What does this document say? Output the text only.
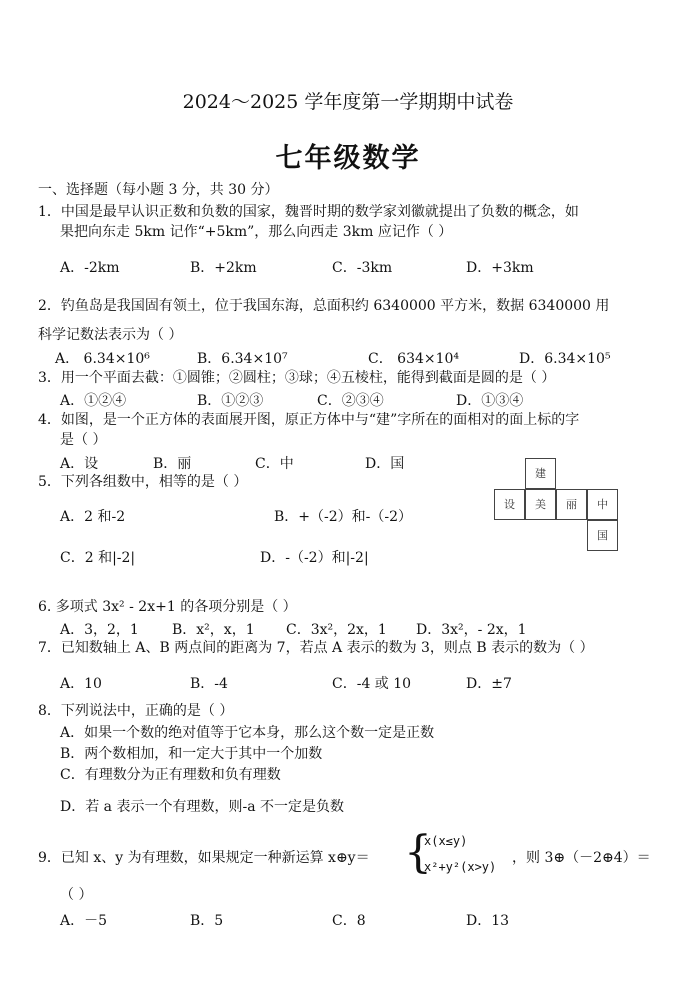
2024～2025 学年度第一学期期中试卷
七年级数学
一、选择题（每小题 3 分，共 30 分）
1．中国是最早认识正数和负数的国家，魏晋时期的数学家刘徽就提出了负数的概念，如
果把向东走 5km 记作“+5km”，那么向西走 3km 应记作（ ）
A．-2km	B．+2km	C．-3km	D．+3km
2．钓鱼岛是我国固有领土，位于我国东海，总面积约 6340000 平方米，数据 6340000 用
科学记数法表示为（ ）
A． 6.34×10⁶	B．6.34×10⁷	C． 634×10⁴	D．6.34×10⁵
3．用一个平面去截：①圆锥；②圆柱；③球；④五棱柱，能得到截面是圆的是（ ）
A．①②④	B．①②③	C．②③④	D．①③④
4．如图，是一个正方体的表面展开图，原正方体中与“建”字所在的面相对的面上标的字
是（ ）
A．设	B．丽	C．中	D．国
建
设	美	丽	中
国
5．下列各组数中，相等的是（ ）
A．2 和-2	B．+（-2）和-（-2）
C．2 和|-2|	D．-（-2）和|-2|
6. 多项式 3x² - 2x+1 的各项分别是（ ）
A．3，2，1 B．x²，x，1 C．3x²，2x，1 D．3x²，- 2x，1
7．已知数轴上 A、B 两点间的距离为 7，若点 A 表示的数为 3，则点 B 表示的数为（ ）
A．10	B．-4	C．-4 或 10	D．±7
8．下列说法中，正确的是（ ）
A．如果一个数的绝对值等于它本身，那么这个数一定是正数
B．两个数相加，和一定大于其中一个加数
C．有理数分为正有理数和负有理数
D．若 a 表示一个有理数，则-a 不一定是负数
9．已知 x、y 为有理数，如果规定一种新运算 x⊕y＝ {
x(x≤y)
x²+y²(x>y)
，则 3⊕（－2⊕4）＝
（ ）
A．－5	B．5	C．8	D．13
